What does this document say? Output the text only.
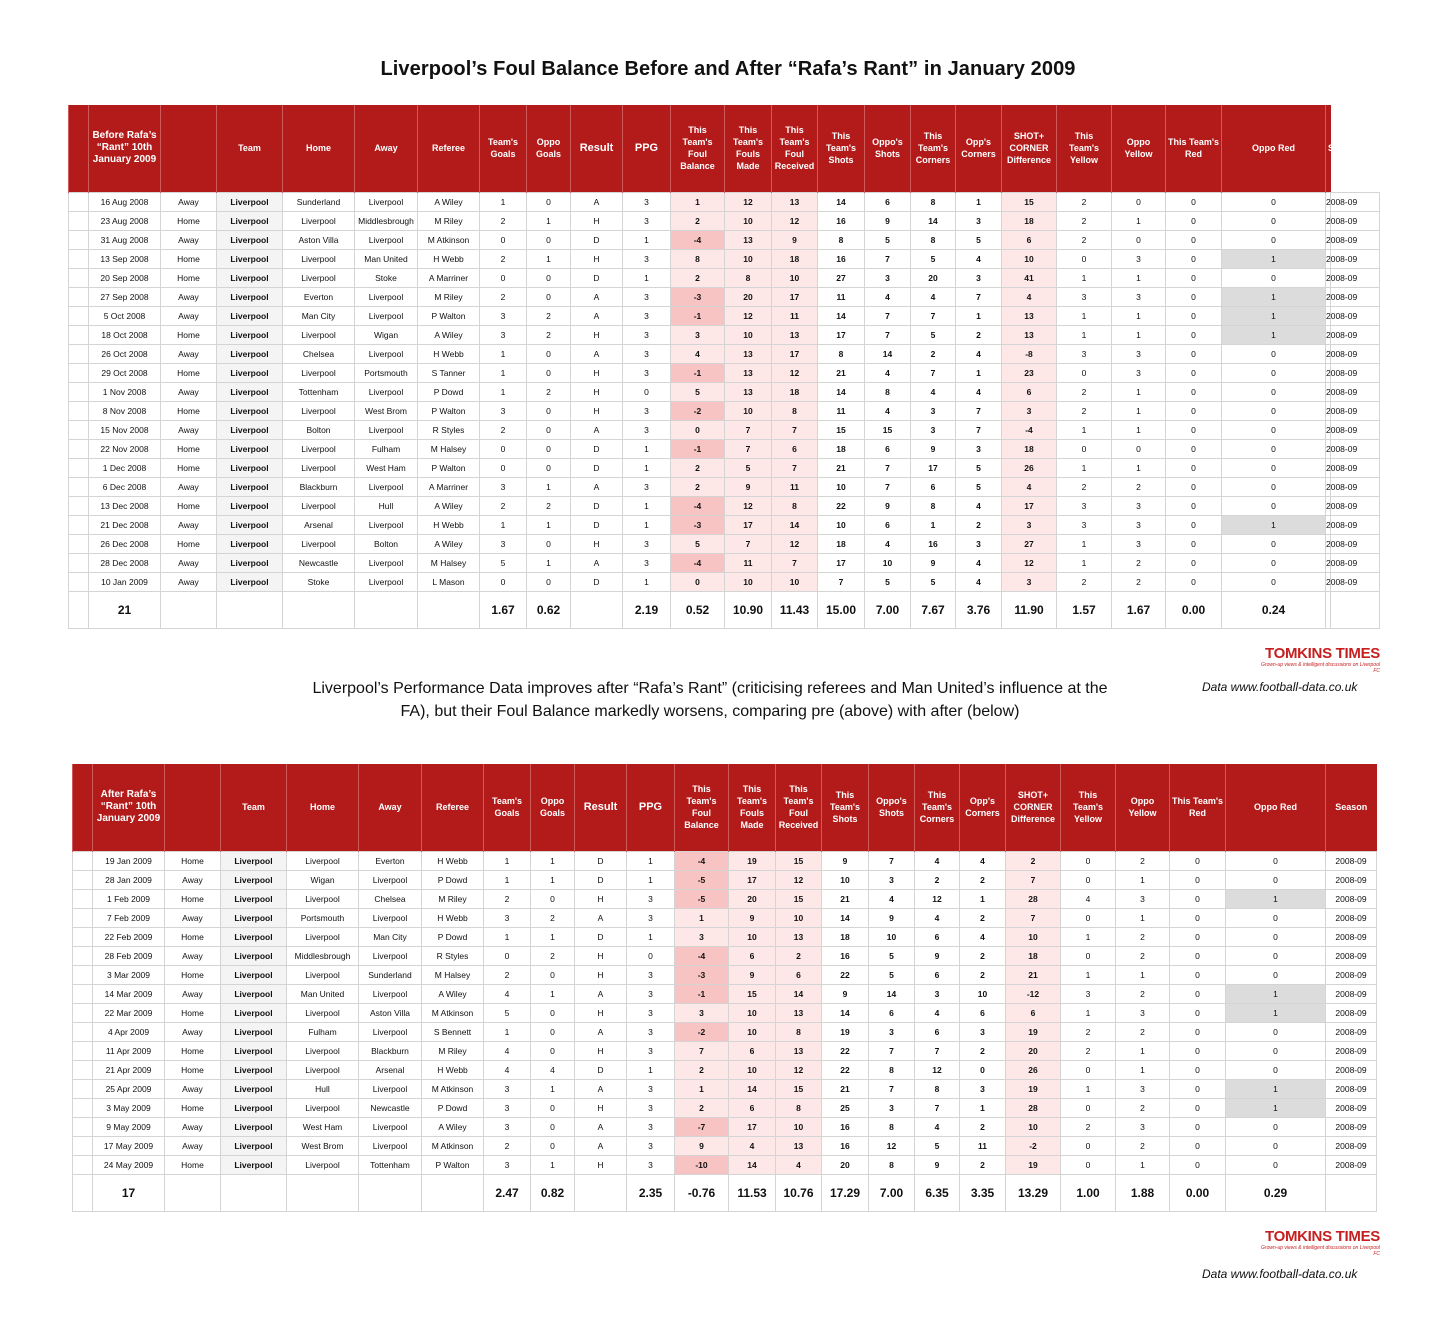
Liverpool’s Foul Balance Before and After “Rafa’s Rant” in January 2009
	Before Rafa’s “Rant” 10th January 2009		Team	Home	Away	Referee	Team's Goals	Oppo Goals	Result	PPG	This Team's Foul Balance	This Team's Fouls Made	This Team's Foul Received	This Team's Shots	Oppo's Shots	This Team's Corners	Opp's Corners	SHOT+ CORNER Difference	This Team's Yellow	Oppo Yellow	This Team's Red	Oppo Red	Season	
	16 Aug 2008	Away	Liverpool	Sunderland	Liverpool	A Wiley	1	0	A	3	1	12	13	14	6	8	1	15	2	0	0	0	2008-09	
	23 Aug 2008	Home	Liverpool	Liverpool	Middlesbrough	M Riley	2	1	H	3	2	10	12	16	9	14	3	18	2	1	0	0	2008-09	
	31 Aug 2008	Away	Liverpool	Aston Villa	Liverpool	M Atkinson	0	0	D	1	-4	13	9	8	5	8	5	6	2	0	0	0	2008-09	
	13 Sep 2008	Home	Liverpool	Liverpool	Man United	H Webb	2	1	H	3	8	10	18	16	7	5	4	10	0	3	0	1	2008-09	
	20 Sep 2008	Home	Liverpool	Liverpool	Stoke	A Marriner	0	0	D	1	2	8	10	27	3	20	3	41	1	1	0	0	2008-09	
	27 Sep 2008	Away	Liverpool	Everton	Liverpool	M Riley	2	0	A	3	-3	20	17	11	4	4	7	4	3	3	0	1	2008-09	
	5 Oct 2008	Away	Liverpool	Man City	Liverpool	P Walton	3	2	A	3	-1	12	11	14	7	7	1	13	1	1	0	1	2008-09	
	18 Oct 2008	Home	Liverpool	Liverpool	Wigan	A Wiley	3	2	H	3	3	10	13	17	7	5	2	13	1	1	0	1	2008-09	
	26 Oct 2008	Away	Liverpool	Chelsea	Liverpool	H Webb	1	0	A	3	4	13	17	8	14	2	4	-8	3	3	0	0	2008-09	
	29 Oct 2008	Home	Liverpool	Liverpool	Portsmouth	S Tanner	1	0	H	3	-1	13	12	21	4	7	1	23	0	3	0	0	2008-09	
	1 Nov 2008	Away	Liverpool	Tottenham	Liverpool	P Dowd	1	2	H	0	5	13	18	14	8	4	4	6	2	1	0	0	2008-09	
	8 Nov 2008	Home	Liverpool	Liverpool	West Brom	P Walton	3	0	H	3	-2	10	8	11	4	3	7	3	2	1	0	0	2008-09	
	15 Nov 2008	Away	Liverpool	Bolton	Liverpool	R Styles	2	0	A	3	0	7	7	15	15	3	7	-4	1	1	0	0	2008-09	
	22 Nov 2008	Home	Liverpool	Liverpool	Fulham	M Halsey	0	0	D	1	-1	7	6	18	6	9	3	18	0	0	0	0	2008-09	
	1 Dec 2008	Home	Liverpool	Liverpool	West Ham	P Walton	0	0	D	1	2	5	7	21	7	17	5	26	1	1	0	0	2008-09	
	6 Dec 2008	Away	Liverpool	Blackburn	Liverpool	A Marriner	3	1	A	3	2	9	11	10	7	6	5	4	2	2	0	0	2008-09	
	13 Dec 2008	Home	Liverpool	Liverpool	Hull	A Wiley	2	2	D	1	-4	12	8	22	9	8	4	17	3	3	0	0	2008-09	
	21 Dec 2008	Away	Liverpool	Arsenal	Liverpool	H Webb	1	1	D	1	-3	17	14	10	6	1	2	3	3	3	0	1	2008-09	
	26 Dec 2008	Home	Liverpool	Liverpool	Bolton	A Wiley	3	0	H	3	5	7	12	18	4	16	3	27	1	3	0	0	2008-09	
	28 Dec 2008	Away	Liverpool	Newcastle	Liverpool	M Halsey	5	1	A	3	-4	11	7	17	10	9	4	12	1	2	0	0	2008-09	
	10 Jan 2009	Away	Liverpool	Stoke	Liverpool	L Mason	0	0	D	1	0	10	10	7	5	5	4	3	2	2	0	0	2008-09	
	21						1.67	0.62		2.19	0.52	10.90	11.43	15.00	7.00	7.67	3.76	11.90	1.57	1.67	0.00	0.24		
TOMKINS TIMES
Grown-up views & intelligent discussions on Liverpool FC
Data www.football-data.co.uk
Liverpool’s Performance Data improves after “Rafa’s Rant” (criticising referees and Man United’s influence at the FA), but their Foul Balance markedly worsens, comparing pre (above) with after (below)
	After Rafa’s “Rant” 10th January 2009		Team	Home	Away	Referee	Team's Goals	Oppo Goals	Result	PPG	This Team's Foul Balance	This Team's Fouls Made	This Team's Foul Received	This Team's Shots	Oppo's Shots	This Team's Corners	Opp's Corners	SHOT+ CORNER Difference	This Team's Yellow	Oppo Yellow	This Team's Red	Oppo Red	Season
	19 Jan 2009	Home	Liverpool	Liverpool	Everton	H Webb	1	1	D	1	-4	19	15	9	7	4	4	2	0	2	0	0	2008-09
	28 Jan 2009	Away	Liverpool	Wigan	Liverpool	P Dowd	1	1	D	1	-5	17	12	10	3	2	2	7	0	1	0	0	2008-09
	1 Feb 2009	Home	Liverpool	Liverpool	Chelsea	M Riley	2	0	H	3	-5	20	15	21	4	12	1	28	4	3	0	1	2008-09
	7 Feb 2009	Away	Liverpool	Portsmouth	Liverpool	H Webb	3	2	A	3	1	9	10	14	9	4	2	7	0	1	0	0	2008-09
	22 Feb 2009	Home	Liverpool	Liverpool	Man City	P Dowd	1	1	D	1	3	10	13	18	10	6	4	10	1	2	0	0	2008-09
	28 Feb 2009	Away	Liverpool	Middlesbrough	Liverpool	R Styles	0	2	H	0	-4	6	2	16	5	9	2	18	0	2	0	0	2008-09
	3 Mar 2009	Home	Liverpool	Liverpool	Sunderland	M Halsey	2	0	H	3	-3	9	6	22	5	6	2	21	1	1	0	0	2008-09
	14 Mar 2009	Away	Liverpool	Man United	Liverpool	A Wiley	4	1	A	3	-1	15	14	9	14	3	10	-12	3	2	0	1	2008-09
	22 Mar 2009	Home	Liverpool	Liverpool	Aston Villa	M Atkinson	5	0	H	3	3	10	13	14	6	4	6	6	1	3	0	1	2008-09
	4 Apr 2009	Away	Liverpool	Fulham	Liverpool	S Bennett	1	0	A	3	-2	10	8	19	3	6	3	19	2	2	0	0	2008-09
	11 Apr 2009	Home	Liverpool	Liverpool	Blackburn	M Riley	4	0	H	3	7	6	13	22	7	7	2	20	2	1	0	0	2008-09
	21 Apr 2009	Home	Liverpool	Liverpool	Arsenal	H Webb	4	4	D	1	2	10	12	22	8	12	0	26	0	1	0	0	2008-09
	25 Apr 2009	Away	Liverpool	Hull	Liverpool	M Atkinson	3	1	A	3	1	14	15	21	7	8	3	19	1	3	0	1	2008-09
	3 May 2009	Home	Liverpool	Liverpool	Newcastle	P Dowd	3	0	H	3	2	6	8	25	3	7	1	28	0	2	0	1	2008-09
	9 May 2009	Away	Liverpool	West Ham	Liverpool	A Wiley	3	0	A	3	-7	17	10	16	8	4	2	10	2	3	0	0	2008-09
	17 May 2009	Away	Liverpool	West Brom	Liverpool	M Atkinson	2	0	A	3	9	4	13	16	12	5	11	-2	0	2	0	0	2008-09
	24 May 2009	Home	Liverpool	Liverpool	Tottenham	P Walton	3	1	H	3	-10	14	4	20	8	9	2	19	0	1	0	0	2008-09
	17						2.47	0.82		2.35	-0.76	11.53	10.76	17.29	7.00	6.35	3.35	13.29	1.00	1.88	0.00	0.29	
TOMKINS TIMES
Grown-up views & intelligent discussions on Liverpool FC
Data www.football-data.co.uk
